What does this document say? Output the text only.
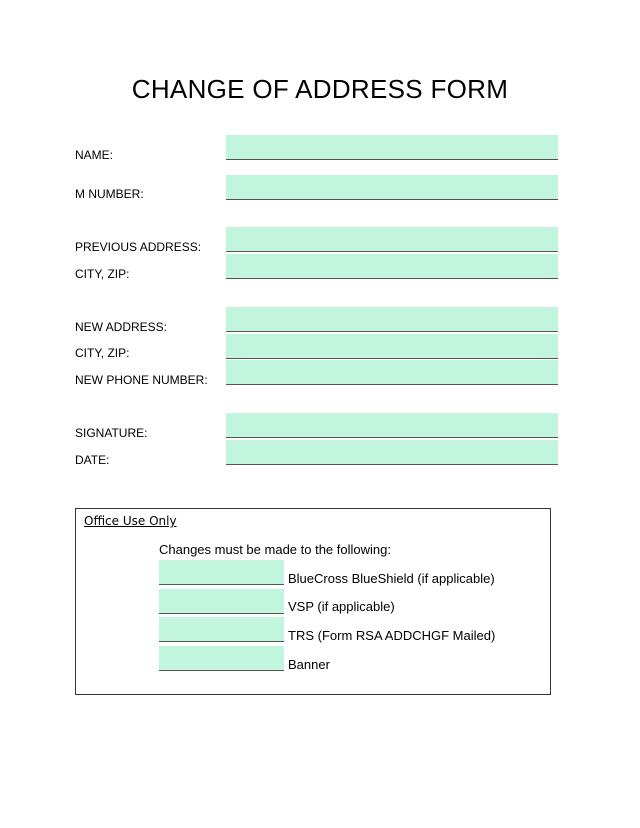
CHANGE OF ADDRESS FORM
NAME:
M NUMBER:
PREVIOUS ADDRESS:
CITY, ZIP:
NEW ADDRESS:
CITY, ZIP:
NEW PHONE NUMBER:
SIGNATURE:
DATE:
Office Use Only
Changes must be made to the following:
BlueCross BlueShield (if applicable)
VSP (if applicable)
TRS (Form RSA ADDCHGF Mailed)
Banner
